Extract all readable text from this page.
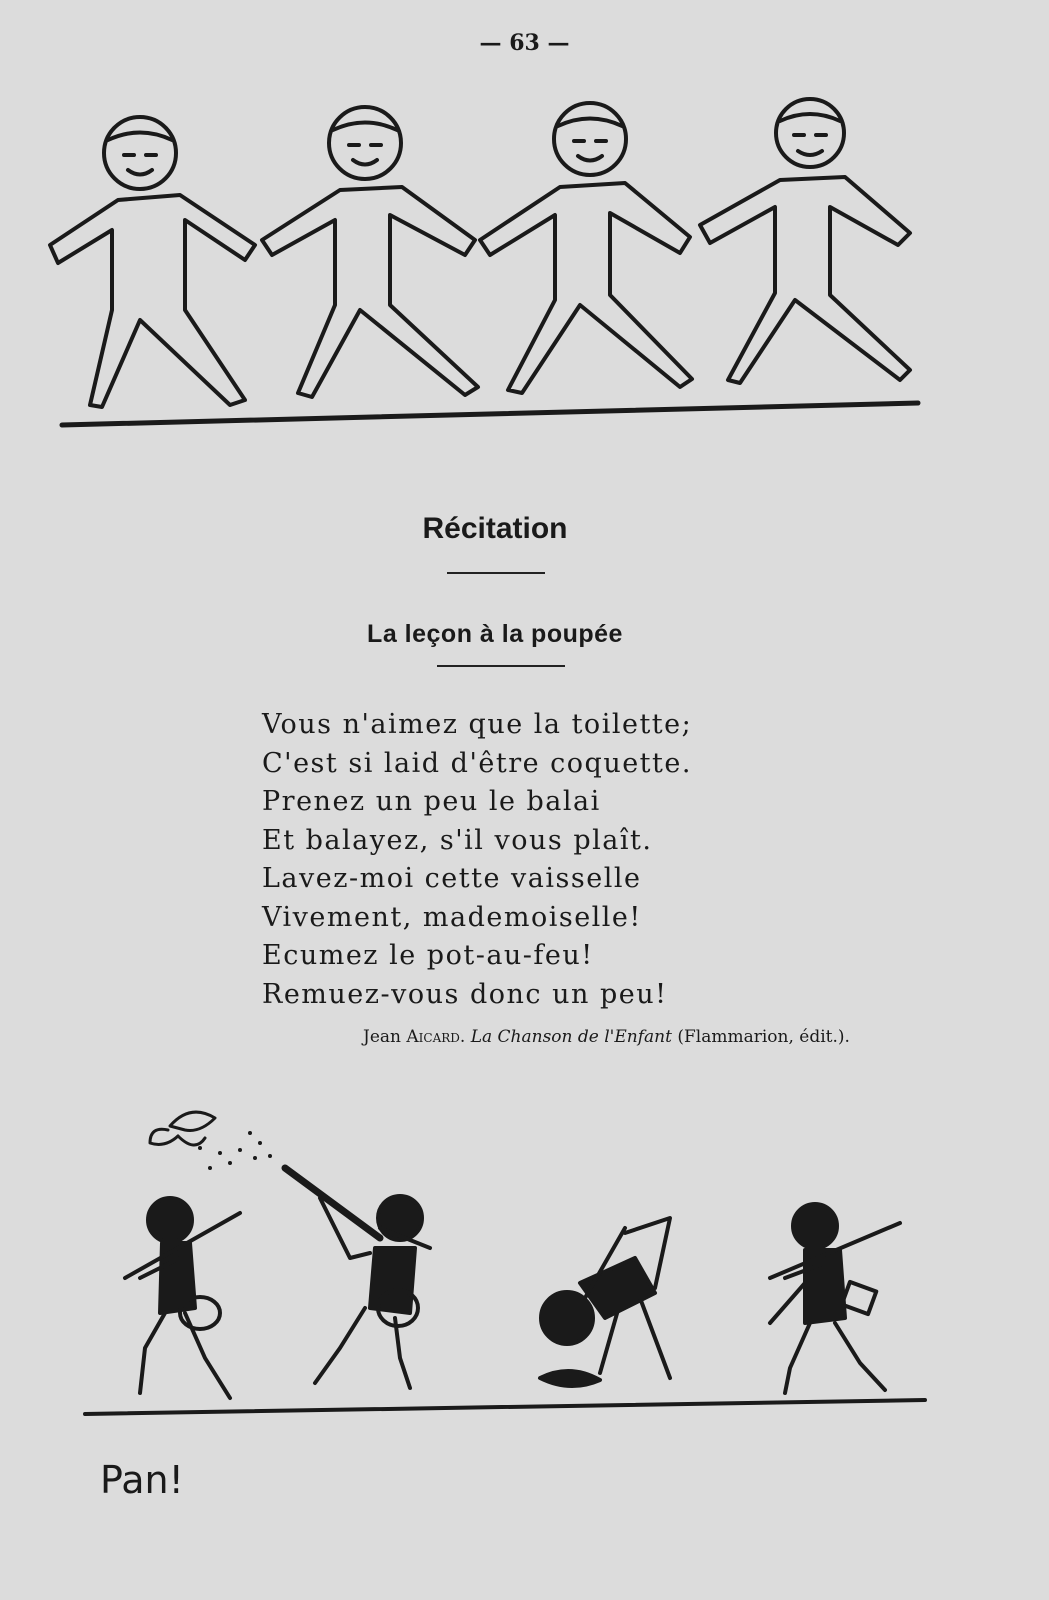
— 63 —
Récitation
La leçon à la poupée
Vous n'aimez que la toilette;
C'est si laid d'être coquette.
Prenez un peu le balai
Et balayez, s'il vous plaît.
Lavez-moi cette vaisselle
Vivement, mademoiselle!
Ecumez le pot-au-feu!
Remuez-vous donc un peu!
Jean Aicard. La Chanson de l'Enfant (Flammarion, édit.).
Pan!
